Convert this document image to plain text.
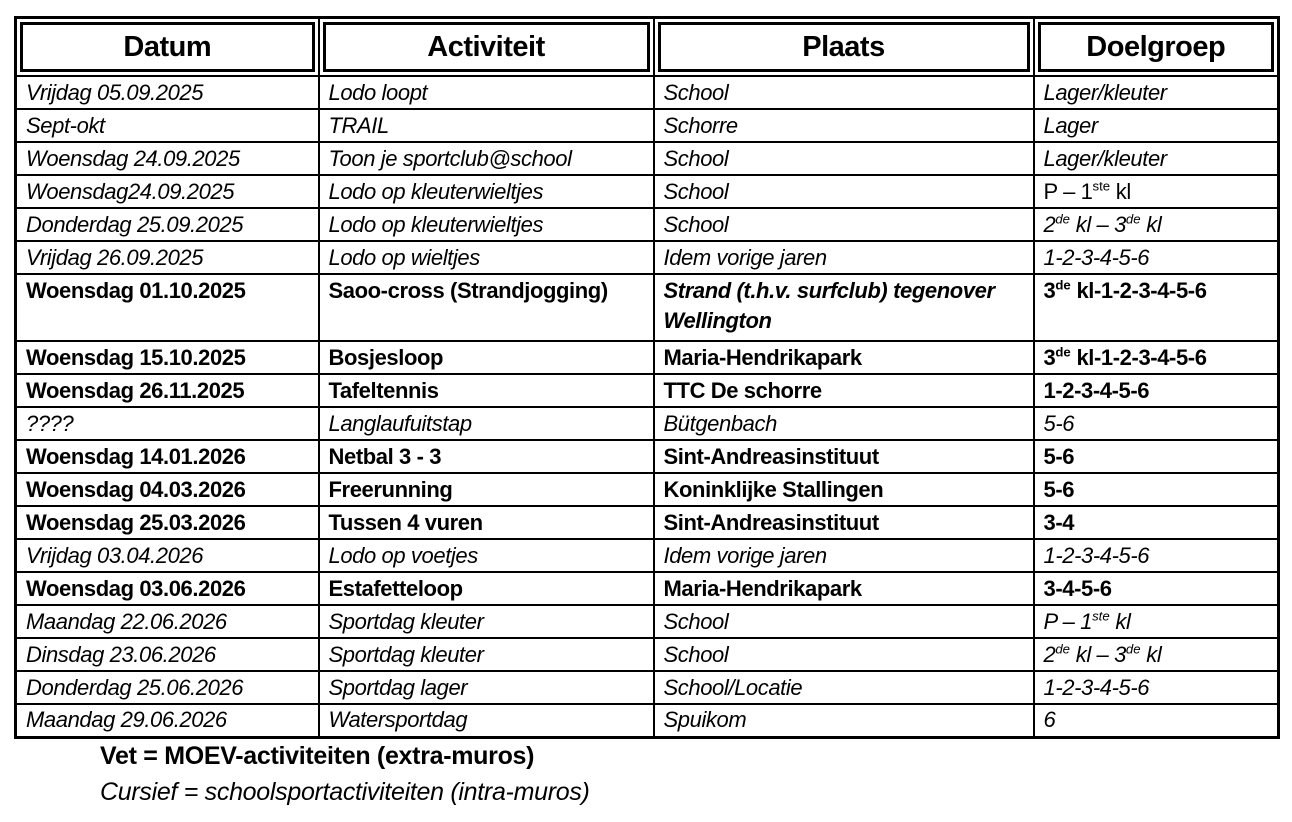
Datum	Activiteit	Plaats	Doelgroep

Vrijdag 05.09.2025	Lodo loopt	School	Lager/kleuter
Sept-okt	TRAIL	Schorre	Lager
Woensdag 24.09.2025	Toon je sportclub@school	School	Lager/kleuter
Woensdag24.09.2025	Lodo op kleuterwieltjes	School	P – 1ste kl
Donderdag 25.09.2025	Lodo op kleuterwieltjes	School	2de kl – 3de kl
Vrijdag 26.09.2025	Lodo op wieltjes	Idem vorige jaren	1-2-3-4-5-6
Woensdag 01.10.2025	Saoo-cross (Strandjogging)	Strand (t.h.v. surfclub) tegenover Wellington	3de kl-1-2-3-4-5-6
Woensdag 15.10.2025	Bosjesloop	Maria-Hendrikapark	3de kl-1-2-3-4-5-6
Woensdag 26.11.2025	Tafeltennis	TTC De schorre	1-2-3-4-5-6
????	Langlaufuitstap	Bütgenbach	5-6
Woensdag 14.01.2026	Netbal 3 - 3	Sint-Andreasinstituut	5-6
Woensdag 04.03.2026	Freerunning	Koninklijke Stallingen	5-6
Woensdag 25.03.2026	Tussen 4 vuren	Sint-Andreasinstituut	3-4
Vrijdag 03.04.2026	Lodo op voetjes	Idem vorige jaren	1-2-3-4-5-6
Woensdag 03.06.2026	Estafetteloop	Maria-Hendrikapark	3-4-5-6
Maandag 22.06.2026	Sportdag kleuter	School	P – 1ste kl
Dinsdag 23.06.2026	Sportdag kleuter	School	2de kl – 3de kl
Donderdag 25.06.2026	Sportdag lager	School/Locatie	1-2-3-4-5-6
Maandag 29.06.2026	Watersportdag	Spuikom	6
Vet = MOEV-activiteiten (extra-muros)
Cursief = schoolsportactiviteiten (intra-muros)
